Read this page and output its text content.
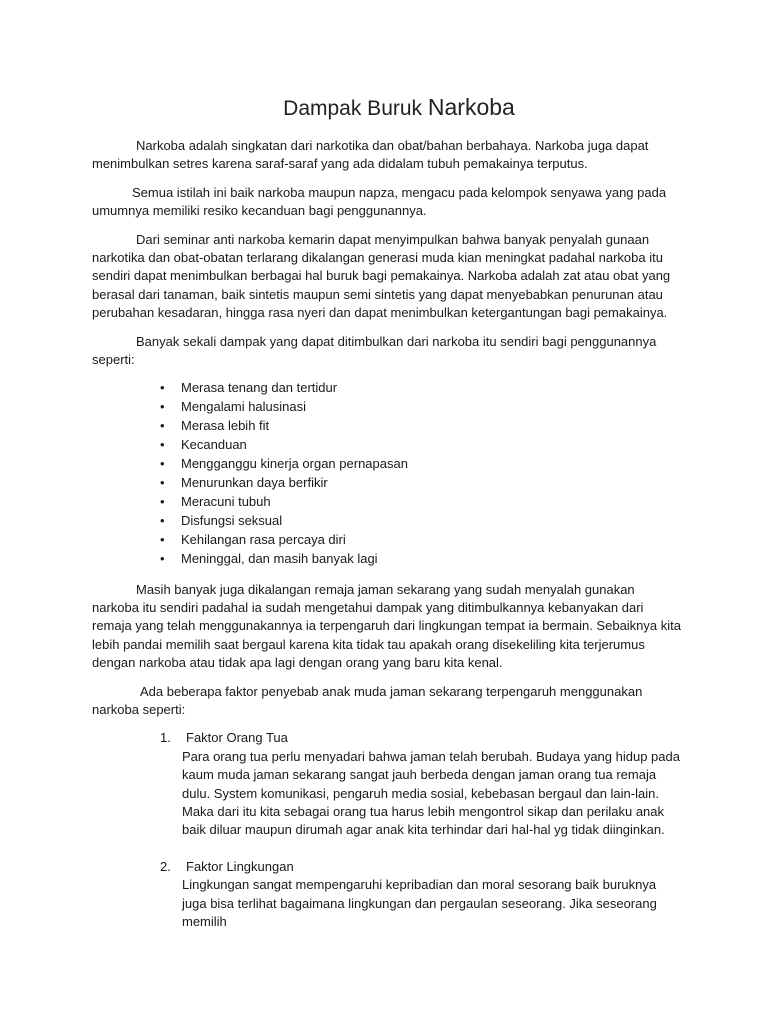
Dampak Buruk Narkoba

Narkoba adalah singkatan dari narkotika dan obat/bahan berbahaya. Narkoba juga dapat menimbulkan setres karena saraf-saraf yang ada didalam tubuh pemakainya terputus.

Semua istilah ini baik narkoba maupun napza, mengacu pada kelompok senyawa yang pada umumnya memiliki resiko kecanduan bagi penggunannya.

Dari seminar anti narkoba kemarin dapat menyimpulkan bahwa banyak penyalah gunaan narkotika dan obat-obatan terlarang dikalangan generasi muda kian meningkat padahal narkoba itu sendiri dapat menimbulkan berbagai hal buruk bagi pemakainya. Narkoba adalah zat atau obat yang berasal dari tanaman, baik sintetis maupun semi sintetis yang dapat menyebabkan penurunan atau perubahan kesadaran, hingga rasa nyeri dan dapat menimbulkan ketergantungan bagi pemakainya.

Banyak sekali dampak yang dapat ditimbulkan dari narkoba itu sendiri bagi penggunannya seperti:

• Merasa tenang dan tertidur
• Mengalami halusinasi
• Merasa lebih fit
• Kecanduan
• Mengganggu kinerja organ pernapasan
• Menurunkan daya berfikir
• Meracuni tubuh
• Disfungsi seksual
• Kehilangan rasa percaya diri
• Meninggal, dan masih banyak lagi

Masih banyak juga dikalangan remaja jaman sekarang yang sudah menyalah gunakan narkoba itu sendiri padahal ia sudah mengetahui dampak yang ditimbulkannya kebanyakan dari remaja yang telah menggunakannya ia terpengaruh dari lingkungan tempat ia bermain. Sebaiknya kita lebih pandai memilih saat bergaul karena kita tidak tau apakah orang disekeliling kita terjerumus dengan narkoba atau tidak apa lagi dengan orang yang baru kita kenal.

Ada beberapa faktor penyebab anak muda jaman sekarang terpengaruh menggunakan narkoba seperti:

1.	Faktor Orang Tua
Para orang tua perlu menyadari bahwa jaman telah berubah. Budaya yang hidup pada kaum muda jaman sekarang sangat jauh berbeda dengan jaman orang tua remaja dulu. System komunikasi, pengaruh media sosial, kebebasan bergaul dan lain-lain. Maka dari itu kita sebagai orang tua harus lebih mengontrol sikap dan perilaku anak baik diluar maupun dirumah agar anak kita terhindar dari hal-hal yg tidak diinginkan.
2.	Faktor Lingkungan
Lingkungan sangat mempengaruhi kepribadian dan moral sesorang baik buruknya juga bisa terlihat bagaimana lingkungan dan pergaulan seseorang. Jika seseorang memilih
